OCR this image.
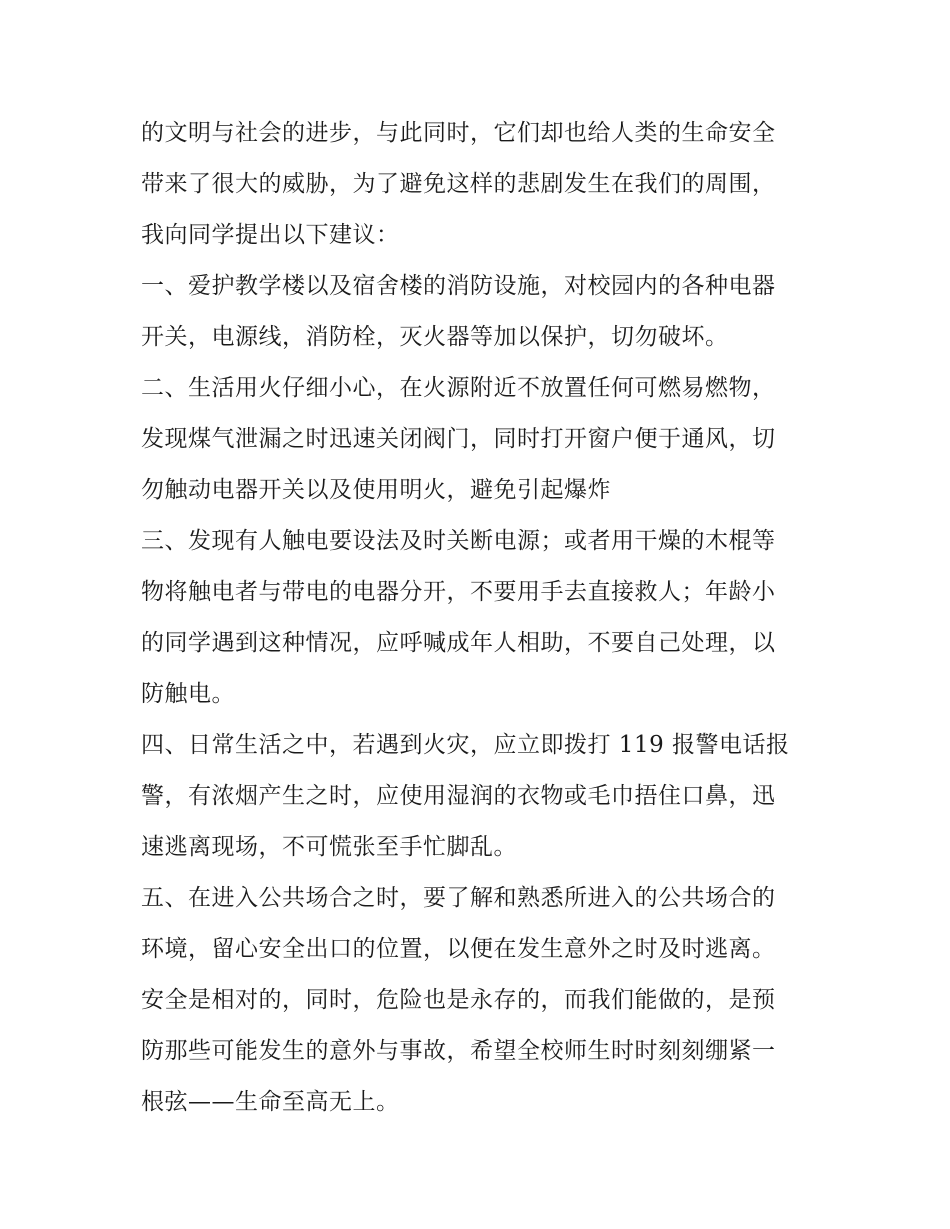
的文明与社会的进步，与此同时，它们却也给人类的生命安全
带来了很大的威胁，为了避免这样的悲剧发生在我们的周围，
我向同学提出以下建议：
一、爱护教学楼以及宿舍楼的消防设施，对校园内的各种电器
开关，电源线，消防栓，灭火器等加以保护，切勿破坏。
二、生活用火仔细小心，在火源附近不放置任何可燃易燃物，
发现煤气泄漏之时迅速关闭阀门，同时打开窗户便于通风，切
勿触动电器开关以及使用明火，避免引起爆炸
三、发现有人触电要设法及时关断电源；或者用干燥的木棍等
物将触电者与带电的电器分开，不要用手去直接救人；年龄小
的同学遇到这种情况，应呼喊成年人相助，不要自己处理，以
防触电。
四、日常生活之中，若遇到火灾，应立即拨打 119 报警电话报
警，有浓烟产生之时，应使用湿润的衣物或毛巾捂住口鼻，迅
速逃离现场，不可慌张至手忙脚乱。
五、在进入公共场合之时，要了解和熟悉所进入的公共场合的
环境，留心安全出口的位置，以便在发生意外之时及时逃离。
安全是相对的，同时，危险也是永存的，而我们能做的，是预
防那些可能发生的意外与事故，希望全校师生时时刻刻绷紧一
根弦——生命至高无上。
